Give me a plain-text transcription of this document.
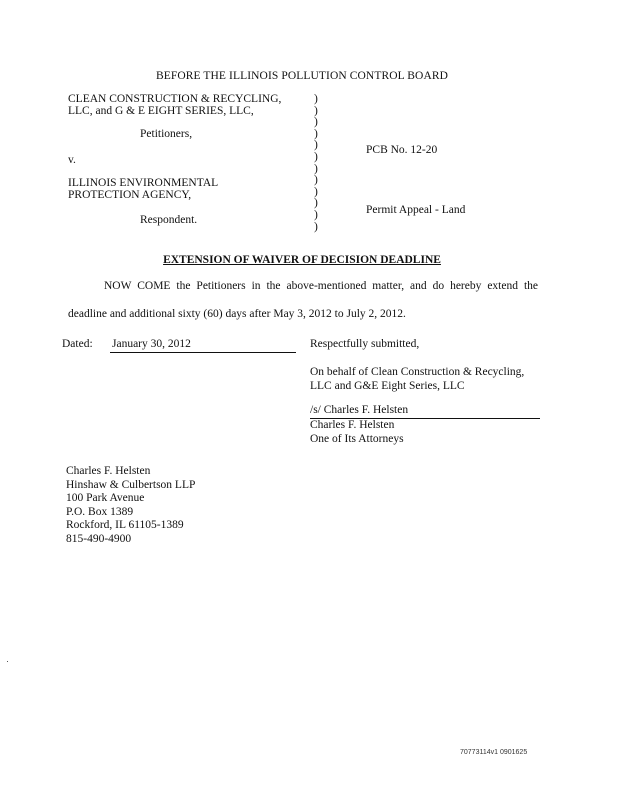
BEFORE THE ILLINOIS POLLUTION CONTROL BOARD
CLEAN CONSTRUCTION & RECYCLING,
LLC, and G & E EIGHT SERIES, LLC,
Petitioners,
v.
ILLINOIS ENVIRONMENTAL
PROTECTION AGENCY,
Respondent.
)
)
)
)
)
)
)
)
)
)
)
)
PCB No. 12-20
Permit Appeal - Land
EXTENSION OF WAIVER OF DECISION DEADLINE
NOW COME the Petitioners in the above-mentioned matter, and do hereby extend the
deadline and additional sixty (60) days after May 3, 2012 to July 2, 2012.
Dated: January 30, 2012	Respectfully submitted,
On behalf of Clean Construction & Recycling,
LLC and G&E Eight Series, LLC
/s/ Charles F. Helsten
Charles F. Helsten
One of Its Attorneys
Charles F. Helsten
Hinshaw & Culbertson LLP
100 Park Avenue
P.O. Box 1389
Rockford, IL 61105-1389
815-490-4900
70773114v1 0901625
